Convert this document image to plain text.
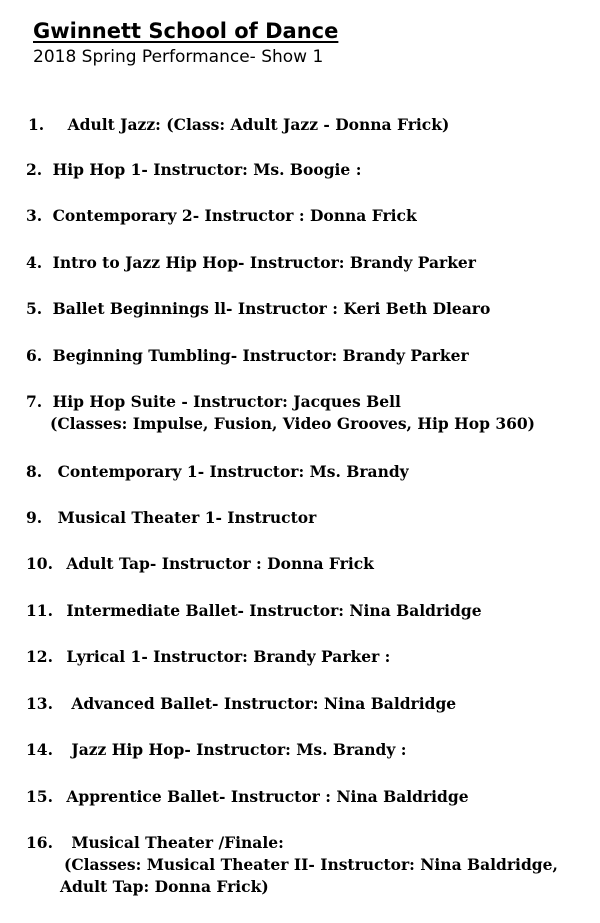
Gwinnett School of Dance
2018 Spring Performance- Show 1
1. Adult Jazz: (Class: Adult Jazz - Donna Frick)
2. Hip Hop 1- Instructor: Ms. Boogie :
3. Contemporary 2- Instructor : Donna Frick
4. Intro to Jazz Hip Hop- Instructor: Brandy Parker
5. Ballet Beginnings ll- Instructor : Keri Beth Dlearo
6. Beginning Tumbling- Instructor: Brandy Parker
7. Hip Hop Suite - Instructor: Jacques Bell
(Classes: Impulse, Fusion, Video Grooves, Hip Hop 360)
8. Contemporary 1- Instructor: Ms. Brandy
9. Musical Theater 1- Instructor
10. Adult Tap- Instructor : Donna Frick
11. Intermediate Ballet- Instructor: Nina Baldridge
12. Lyrical 1- Instructor: Brandy Parker :
13. Advanced Ballet- Instructor: Nina Baldridge
14. Jazz Hip Hop- Instructor: Ms. Brandy :
15. Apprentice Ballet- Instructor : Nina Baldridge
16. Musical Theater /Finale:
(Classes: Musical Theater II- Instructor: Nina Baldridge,
Adult Tap: Donna Frick)
